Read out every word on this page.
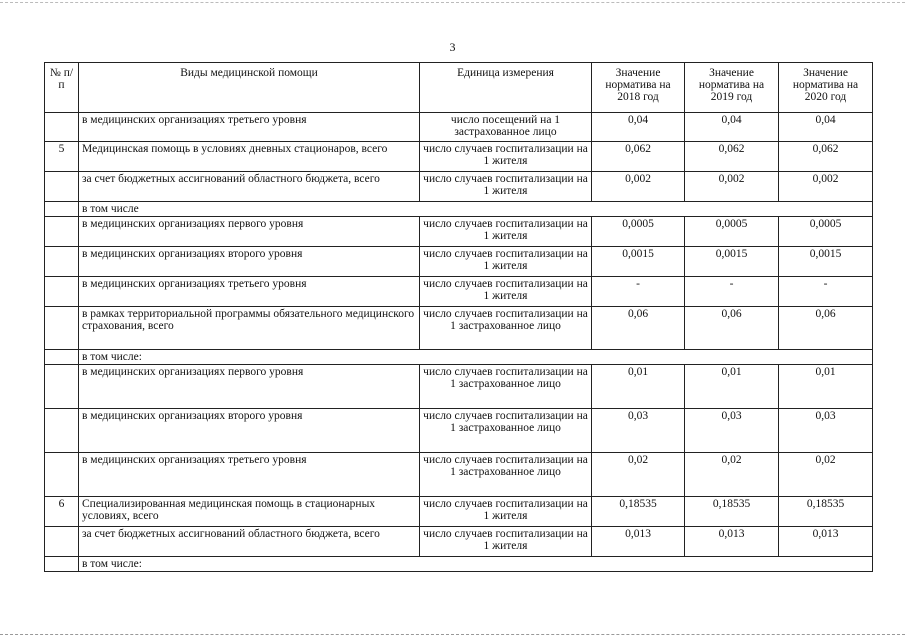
3
№ п/п	Виды медицинской помощи	Единица измерения	Значение норматива на 2018 год	Значение норматива на 2019 год	Значение норматива на 2020 год
	в медицинских организациях третьего уровня	число посещений на 1 застрахованное лицо	0,04	0,04	0,04
5	Медицинская помощь в условиях дневных стационаров, всего	число случаев госпитализации на 1 жителя	0,062	0,062	0,062
	за счет бюджетных ассигнований областного бюджета, всего	число случаев госпитализации на 1 жителя	0,002	0,002	0,002
	в том числе				
	в медицинских организациях первого уровня	число случаев госпитализации на 1 жителя	0,0005	0,0005	0,0005
	в медицинских организациях второго уровня	число случаев госпитализации на 1 жителя	0,0015	0,0015	0,0015
	в медицинских организациях третьего уровня	число случаев госпитализации на 1 жителя	-	-	-
	в рамках территориальной программы обязательного медицинского страхования, всего	число случаев госпитализации на 1 застрахованное лицо	0,06	0,06	0,06
	в том числе:				
	в медицинских организациях первого уровня	число случаев госпитализации на 1 застрахованное лицо	0,01	0,01	0,01
	в медицинских организациях второго уровня	число случаев госпитализации на 1 застрахованное лицо	0,03	0,03	0,03
	в медицинских организациях третьего уровня	число случаев госпитализации на 1 застрахованное лицо	0,02	0,02	0,02
6	Специализированная медицинская помощь в стационарных условиях, всего	число случаев госпитализации на 1 жителя	0,18535	0,18535	0,18535
	за счет бюджетных ассигнований областного бюджета, всего	число случаев госпитализации на 1 жителя	0,013	0,013	0,013
	в том числе:				
